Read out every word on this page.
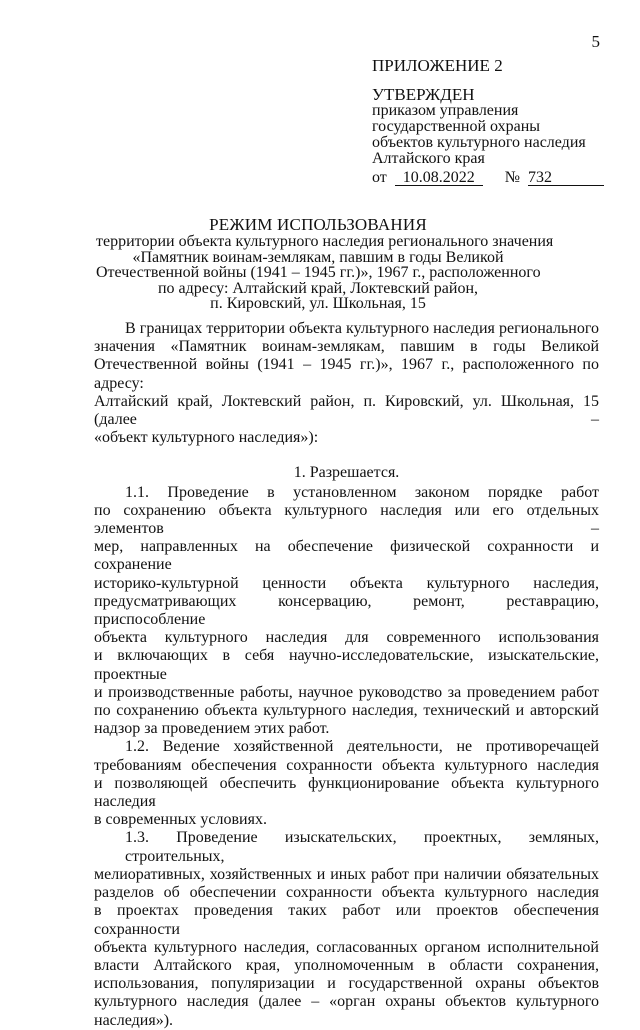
5
ПРИЛОЖЕНИЕ 2
УТВЕРЖДЕН
приказом управления
государственной охраны
объектов культурного наследия
Алтайского края
от 10.08.2022 № 732
РЕЖИМ ИСПОЛЬЗОВАНИЯ
территории объекта культурного наследия регионального значения
«Памятник воинам-землякам, павшим в годы Великой
Отечественной войны (1941 – 1945 гг.)», 1967 г., расположенного
по адресу: Алтайский край, Локтевский район,
п. Кировский, ул. Школьная, 15
В границах территории объекта культурного наследия регионального
значения «Памятник воинам-землякам, павшим в годы Великой
Отечественной войны (1941 – 1945 гг.)», 1967 г., расположенного по адресу:
Алтайский край, Локтевский район, п. Кировский, ул. Школьная, 15 (далее –
«объект культурного наследия»):
1. Разрешается.
1.1. Проведение в установленном законом порядке работ
по сохранению объекта культурного наследия или его отдельных элементов –
мер, направленных на обеспечение физической сохранности и сохранение
историко-культурной ценности объекта культурного наследия,
предусматривающих консервацию, ремонт, реставрацию, приспособление
объекта культурного наследия для современного использования
и включающих в себя научно-исследовательские, изыскательские, проектные
и производственные работы, научное руководство за проведением работ
по сохранению объекта культурного наследия, технический и авторский
надзор за проведением этих работ.
1.2. Ведение хозяйственной деятельности, не противоречащей
требованиям обеспечения сохранности объекта культурного наследия
и позволяющей обеспечить функционирование объекта культурного наследия
в современных условиях.
1.3. Проведение изыскательских, проектных, земляных, строительных,
мелиоративных, хозяйственных и иных работ при наличии обязательных
разделов об обеспечении сохранности объекта культурного наследия
в проектах проведения таких работ или проектов обеспечения сохранности
объекта культурного наследия, согласованных органом исполнительной
власти Алтайского края, уполномоченным в области сохранения,
использования, популяризации и государственной охраны объектов
культурного наследия (далее – «орган охраны объектов культурного
наследия»).
